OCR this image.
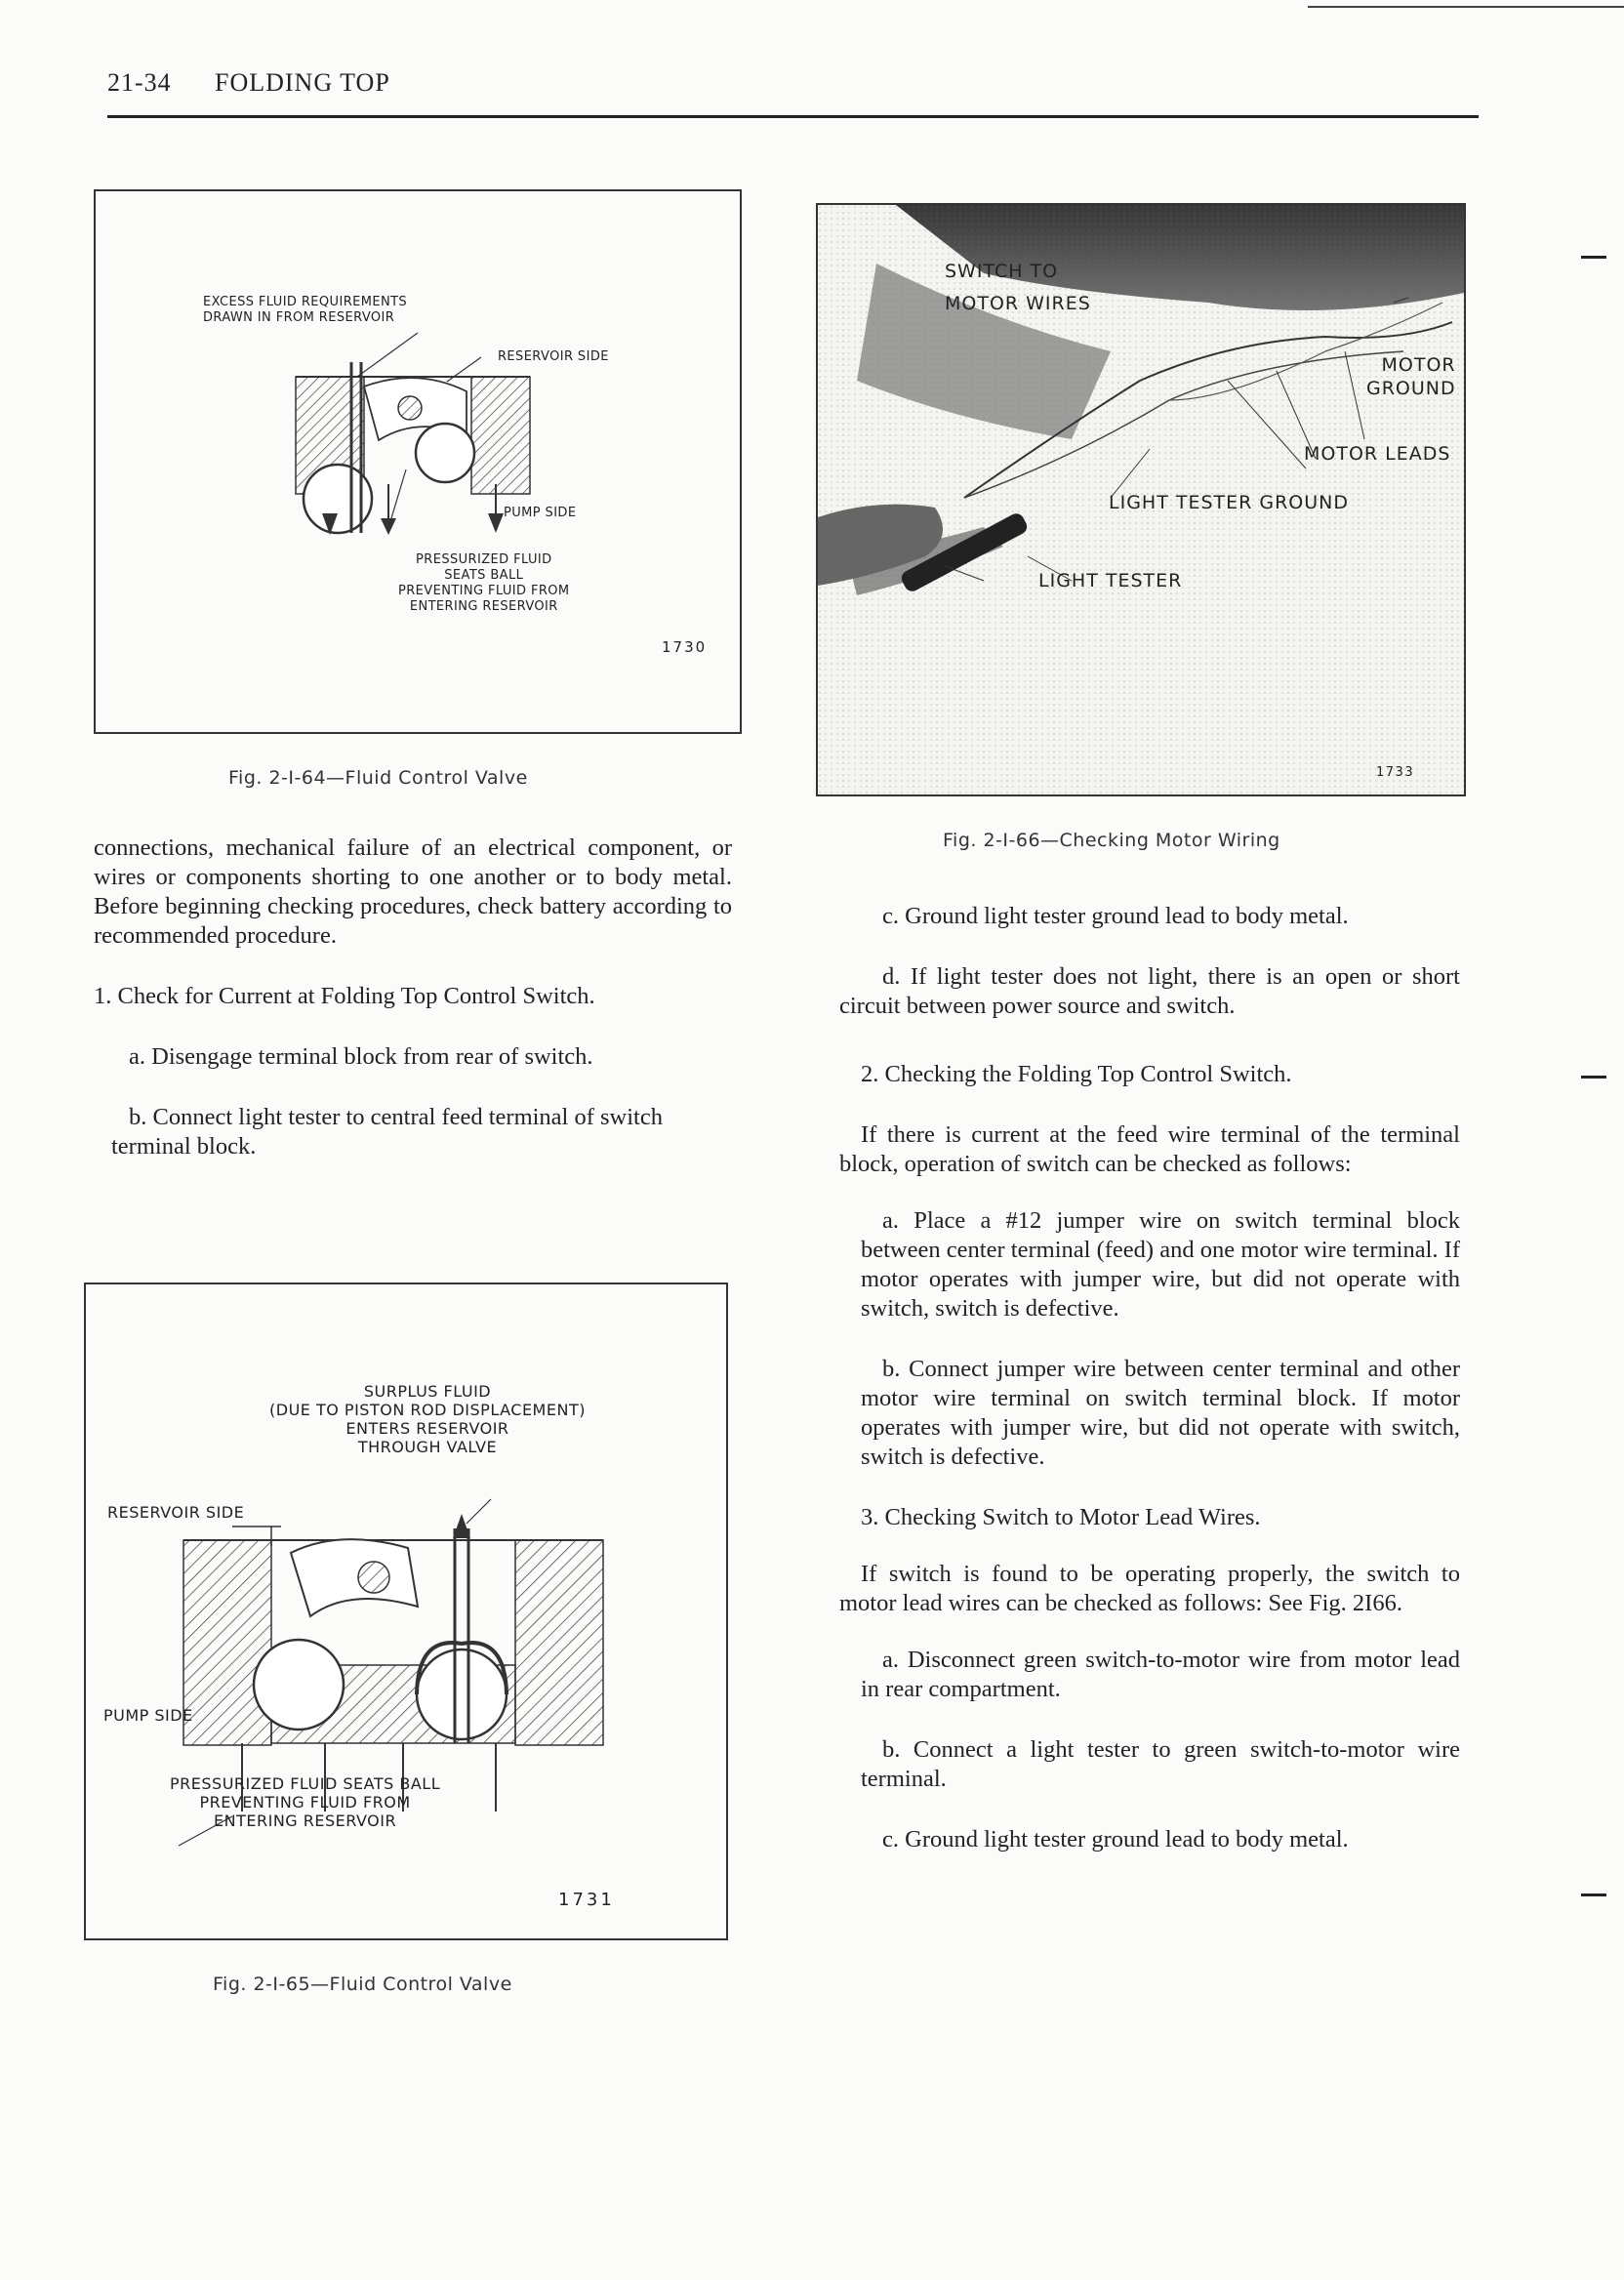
21-34 FOLDING TOP
EXCESS FLUID REQUIREMENTS
DRAWN IN FROM RESERVOIR
RESERVOIR SIDE
PUMP SIDE
PRESSURIZED FLUID
SEATS BALL
PREVENTING FLUID FROM
ENTERING RESERVOIR
1730
Fig. 2-I-64—Fluid Control Valve
SWITCH TO
MOTOR WIRES
MOTOR
GROUND
MOTOR LEADS
LIGHT TESTER GROUND
LIGHT TESTER
1733
Fig. 2-I-66—Checking Motor Wiring

connections, mechanical failure of an electrical component, or wires or components shorting to one another or to body metal. Before beginning checking procedures, check battery according to recommended procedure.

1. Check for Current at Folding Top Control Switch.

a. Disengage terminal block from rear of switch.

b. Connect light tester to central feed terminal of switch terminal block.

SURPLUS FLUID
(DUE TO PISTON ROD DISPLACEMENT)
ENTERS RESERVOIR
THROUGH VALVE
RESERVOIR SIDE
PUMP SIDE
PRESSURIZED FLUID SEATS BALL
PREVENTING FLUID FROM
ENTERING RESERVOIR
1731
Fig. 2-I-65—Fluid Control Valve

c. Ground light tester ground lead to body metal.

d. If light tester does not light, there is an open or short circuit between power source and switch.

2. Checking the Folding Top Control Switch.

If there is current at the feed wire terminal of the terminal block, operation of switch can be checked as follows:

a. Place a #12 jumper wire on switch terminal block between center terminal (feed) and one motor wire terminal. If motor operates with jumper wire, but did not operate with switch, switch is defective.

b. Connect jumper wire between center terminal and other motor wire terminal on switch terminal block. If motor operates with jumper wire, but did not operate with switch, switch is defective.

3. Checking Switch to Motor Lead Wires.

If switch is found to be operating properly, the switch to motor lead wires can be checked as follows: See Fig. 2I66.

a. Disconnect green switch-to-motor wire from motor lead in rear compartment.

b. Connect a light tester to green switch-to-motor wire terminal.

c. Ground light tester ground lead to body metal.
